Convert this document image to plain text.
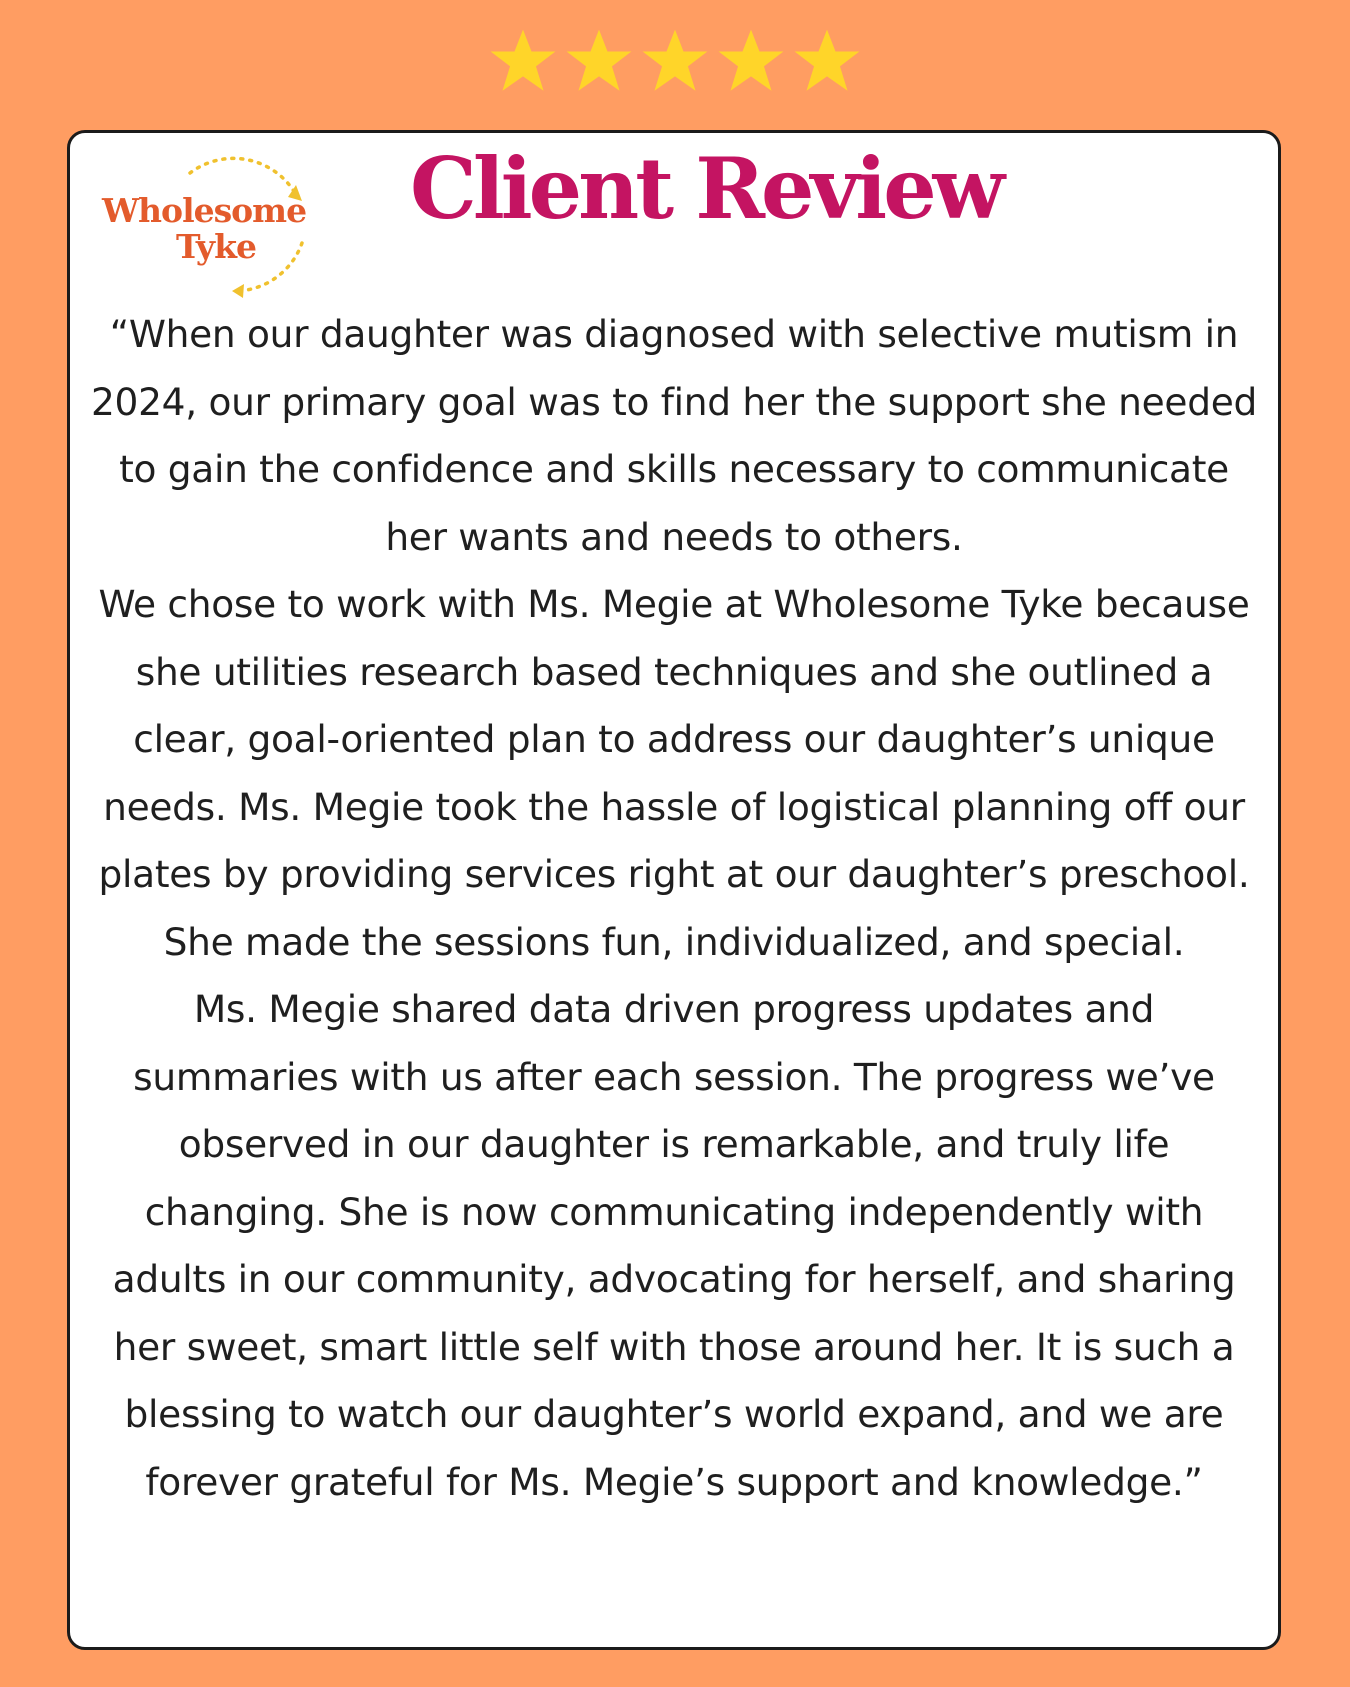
Wholesome
Tyke
Client Review

“When our daughter was diagnosed with selective mutism in 2024, our primary goal was to find her the support she needed to gain the confidence and skills necessary to communicate her wants and needs to others.

We chose to work with Ms. Megie at Wholesome Tyke because she utilities research based techniques and she outlined a clear, goal-oriented plan to address our daughter’s unique needs. Ms. Megie took the hassle of logistical planning off our plates by providing services right at our daughter’s preschool. She made the sessions fun, individualized, and special.

Ms. Megie shared data driven progress updates and summaries with us after each session. The progress we’ve observed in our daughter is remarkable, and truly life changing. She is now communicating independently with adults in our community, advocating for herself, and sharing her sweet, smart little self with those around her. It is such a blessing to watch our daughter’s world expand, and we are forever grateful for Ms. Megie’s support and knowledge.”
